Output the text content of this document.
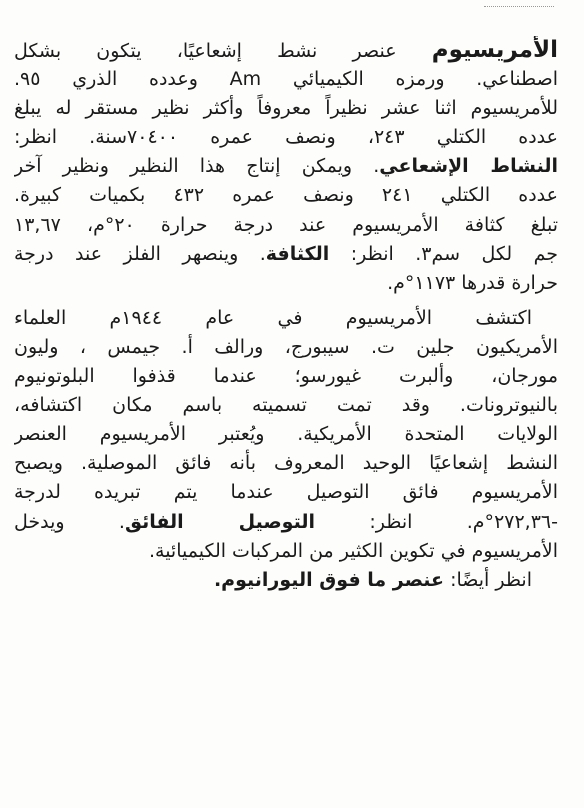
الأمريسيوم عنصر نشط إشعاعيًا، يتكون بشكل
اصطناعي. ورمزه الكيميائي Am وعدده الذري ٩٥.
للأمريسيوم اثنا عشر نظيراً معروفاً وأكثر نظير مستقر له يبلغ
عدده الكتلي ٢٤٣، ونصف عمره ٧٠٤٠٠سنة. انظر:
النشاط الإشعاعي. ويمكن إنتاج هذا النظير ونظير آخر
عدده الكتلي ٢٤١ ونصف عمره ٤٣٢ بكميات كبيرة.
تبلغ كثافة الأمريسيوم عند درجة حرارة ٢٠°م، ١٣,٦٧
جم لكل سم٣. انظر: الكثافة. وينصهر الفلز عند درجة
حرارة قدرها ١١٧٣°م.
اكتشف الأمريسيوم في عام ١٩٤٤م العلماء
الأمريكيون جلين ت. سيبورج، ورالف أ. جيمس ، وليون
مورجان، وألبرت غيورسو؛ عندما قذفوا البلوتونيوم
بالنيوترونات. وقد تمت تسميته باسم مكان اكتشافه،
الولايات المتحدة الأمريكية. ويُعتبر الأمريسيوم العنصر
النشط إشعاعيًا الوحيد المعروف بأنه فائق الموصلية. ويصبح
الأمريسيوم فائق التوصيل عندما يتم تبريده لدرجة
-٢٧٢,٣٦°م. انظر: التوصيل الفائق. ويدخل
الأمريسيوم في تكوين الكثير من المركبات الكيميائية.
انظر أيضًا: عنصر ما فوق اليورانيوم.
